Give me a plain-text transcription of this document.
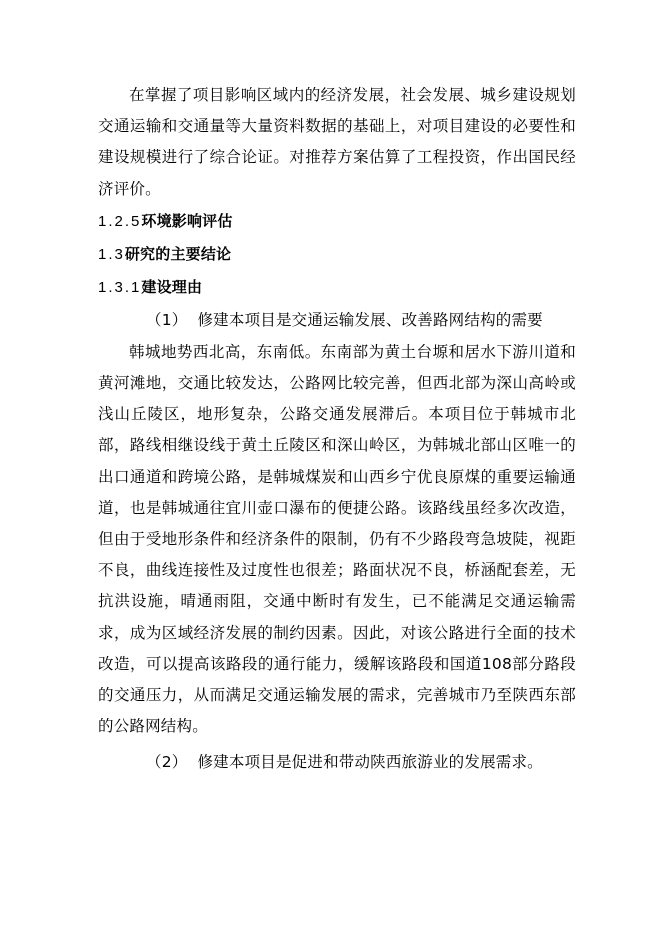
在掌握了项目影响区域内的经济发展，社会发展、城乡建设规划交通运输和交通量等大量资料数据的基础上，对项目建设的必要性和建设规模进行了综合论证。对推荐方案估算了工程投资，作出国民经济评价。

1.2.5环境影响评估

1.3研究的主要结论

1.3.1建设理由

（1） 修建本项目是交通运输发展、改善路网结构的需要

韩城地势西北高，东南低。东南部为黄土台塬和居水下游川道和黄河滩地，交通比较发达，公路网比较完善，但西北部为深山高岭或浅山丘陵区，地形复杂，公路交通发展滞后。本项目位于韩城市北部，路线相继设线于黄土丘陵区和深山岭区，为韩城北部山区唯一的出口通道和跨境公路，是韩城煤炭和山西乡宁优良原煤的重要运输通道，也是韩城通往宜川壶口瀑布的便捷公路。该路线虽经多次改造，但由于受地形条件和经济条件的限制，仍有不少路段弯急坡陡，视距不良，曲线连接性及过度性也很差；路面状况不良，桥涵配套差，无抗洪设施，晴通雨阻，交通中断时有发生，已不能满足交通运输需求，成为区域经济发展的制约因素。因此，对该公路进行全面的技术改造，可以提高该路段的通行能力，缓解该路段和国道108部分路段的交通压力，从而满足交通运输发展的需求，完善城市乃至陕西东部的公路网结构。

（2） 修建本项目是促进和带动陕西旅游业的发展需求。
